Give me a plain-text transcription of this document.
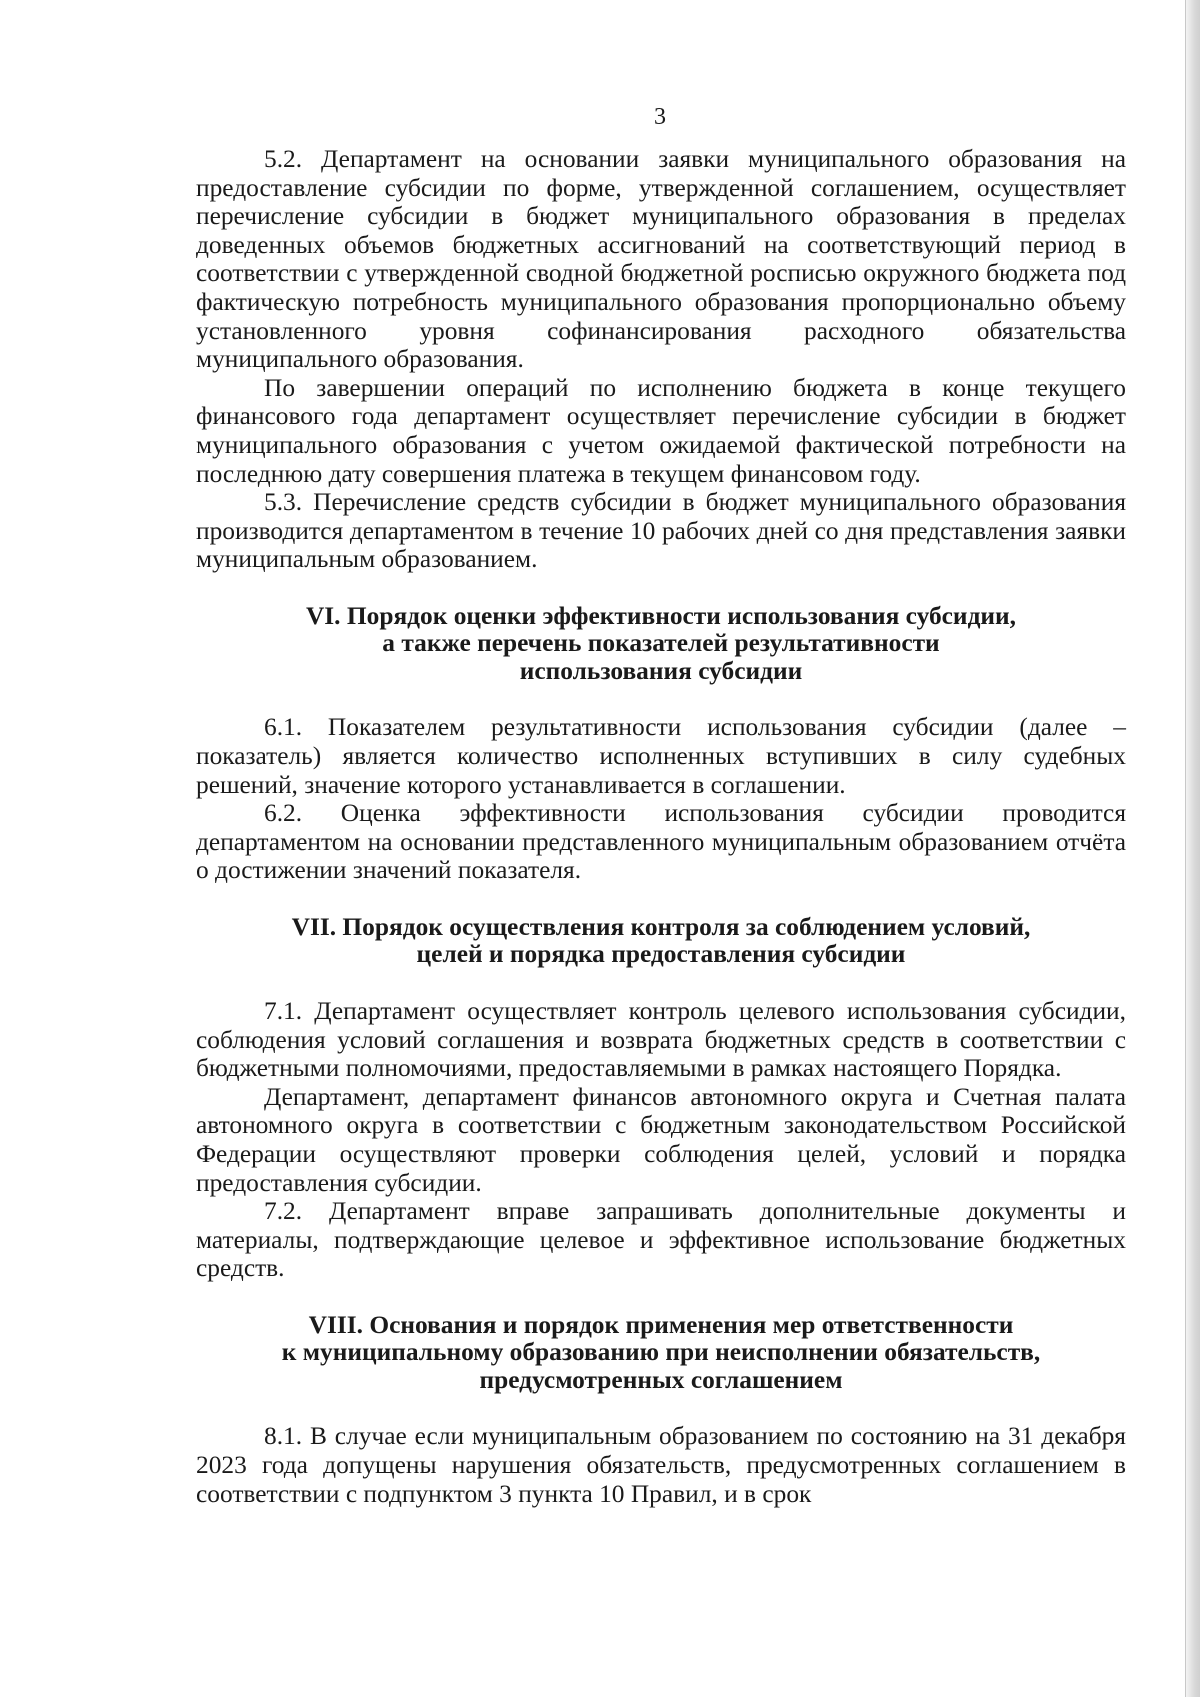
3

5.2. Департамент на основании заявки муниципального образования на предоставление субсидии по форме, утвержденной соглашением, осуществляет перечисление субсидии в бюджет муниципального образования в пределах доведенных объемов бюджетных ассигнований на соответствующий период в соответствии с утвержденной сводной бюджетной росписью окружного бюджета под фактическую потребность муниципального образования пропорционально объему установленного уровня софинансирования расходного обязательства муниципального образования.

По завершении операций по исполнению бюджета в конце текущего финансового года департамент осуществляет перечисление субсидии в бюджет муниципального образования с учетом ожидаемой фактической потребности на последнюю дату совершения платежа в текущем финансовом году.

5.3. Перечисление средств субсидии в бюджет муниципального образования производится департаментом в течение 10 рабочих дней со дня представления заявки муниципальным образованием.

VI. Порядок оценки эффективности использования субсидии,
а также перечень показателей результативности
использования субсидии

6.1. Показателем результативности использования субсидии (далее – показатель) является количество исполненных вступивших в силу судебных решений, значение которого устанавливается в соглашении.

6.2. Оценка эффективности использования субсидии проводится департаментом на основании представленного муниципальным образованием отчёта о достижении значений показателя.

VII. Порядок осуществления контроля за соблюдением условий,
целей и порядка предоставления субсидии

7.1. Департамент осуществляет контроль целевого использования субсидии, соблюдения условий соглашения и возврата бюджетных средств в соответствии с бюджетными полномочиями, предоставляемыми в рамках настоящего Порядка.

Департамент, департамент финансов автономного округа и Счетная палата автономного округа в соответствии с бюджетным законодательством Российской Федерации осуществляют проверки соблюдения целей, условий и порядка предоставления субсидии.

7.2. Департамент вправе запрашивать дополнительные документы и материалы, подтверждающие целевое и эффективное использование бюджетных средств.

VIII. Основания и порядок применения мер ответственности
к муниципальному образованию при неисполнении обязательств,
предусмотренных соглашением

8.1. В случае если муниципальным образованием по состоянию на 31 декабря 2023 года допущены нарушения обязательств, предусмотренных соглашением в соответствии с подпунктом 3 пункта 10 Правил, и в срок
